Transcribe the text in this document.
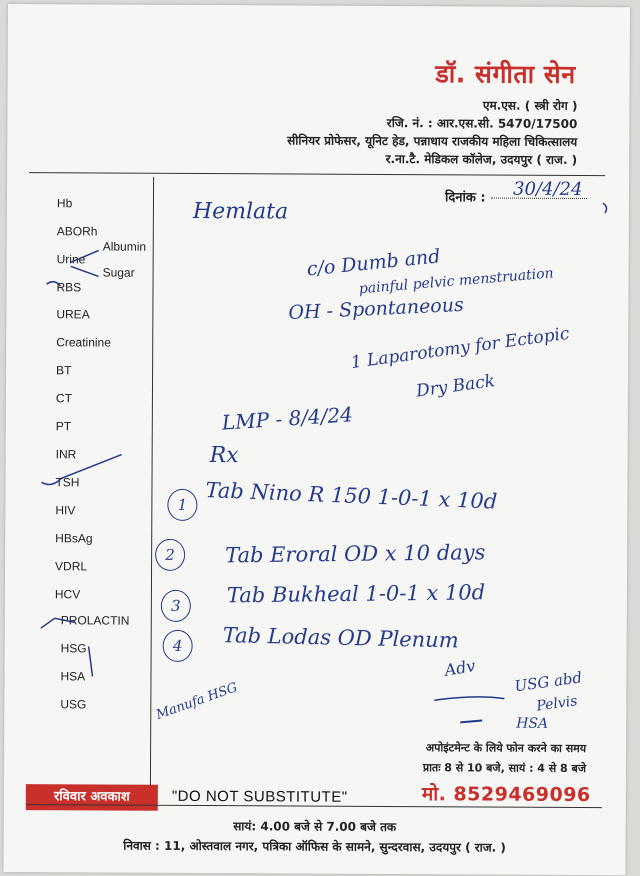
डॉ. संगीता सेन
एम.एस. ( स्त्री रोग )
रजि. नं. : आर.एस.सी. 5470/17500
सीनियर प्रोफेसर, यूनिट हेड, पन्नाधाय राजकीय महिला चिकित्सालय
र.ना.टै. मेडिकल कॉलेज, उदयपुर ( राज. )
दिनांक : 30/4/24
Hb
ABORh
Urine
Albumin
Sugar
RBS
UREA
Creatinine
BT
CT
PT
INR
TSH
HIV
HBsAg
VDRL
HCV
PROLACTIN
HSG
HSA
USG
Hemlata
c/o Dumb and
painful pelvic menstruation
OH - Spontaneous
1 Laparotomy for Ectopic
Dry Back
LMP - 8/4/24
Rx
1 Tab Nino R 150 1-0-1 x 10d
2	Tab Eroral OD x 10 days
3	Tab Bukheal 1-0-1 x 10d
4	Tab Lodas OD Plenum
Adv
USG abd
Pelvis
HSA
Manufa HSG
अपोइंटमेन्ट के लिये फोन करने का समय
प्रातः 8 से 10 बजे, सायं : 4 से 8 बजे
मो. 8529469096
रविवार अवकाश	"DO NOT SUBSTITUTE"
सायं: 4.00 बजे से 7.00 बजे तक
निवास : 11, ओस्तवाल नगर, पत्रिका ऑफिस के सामने, सुन्दरवास, उदयपुर ( राज. )
